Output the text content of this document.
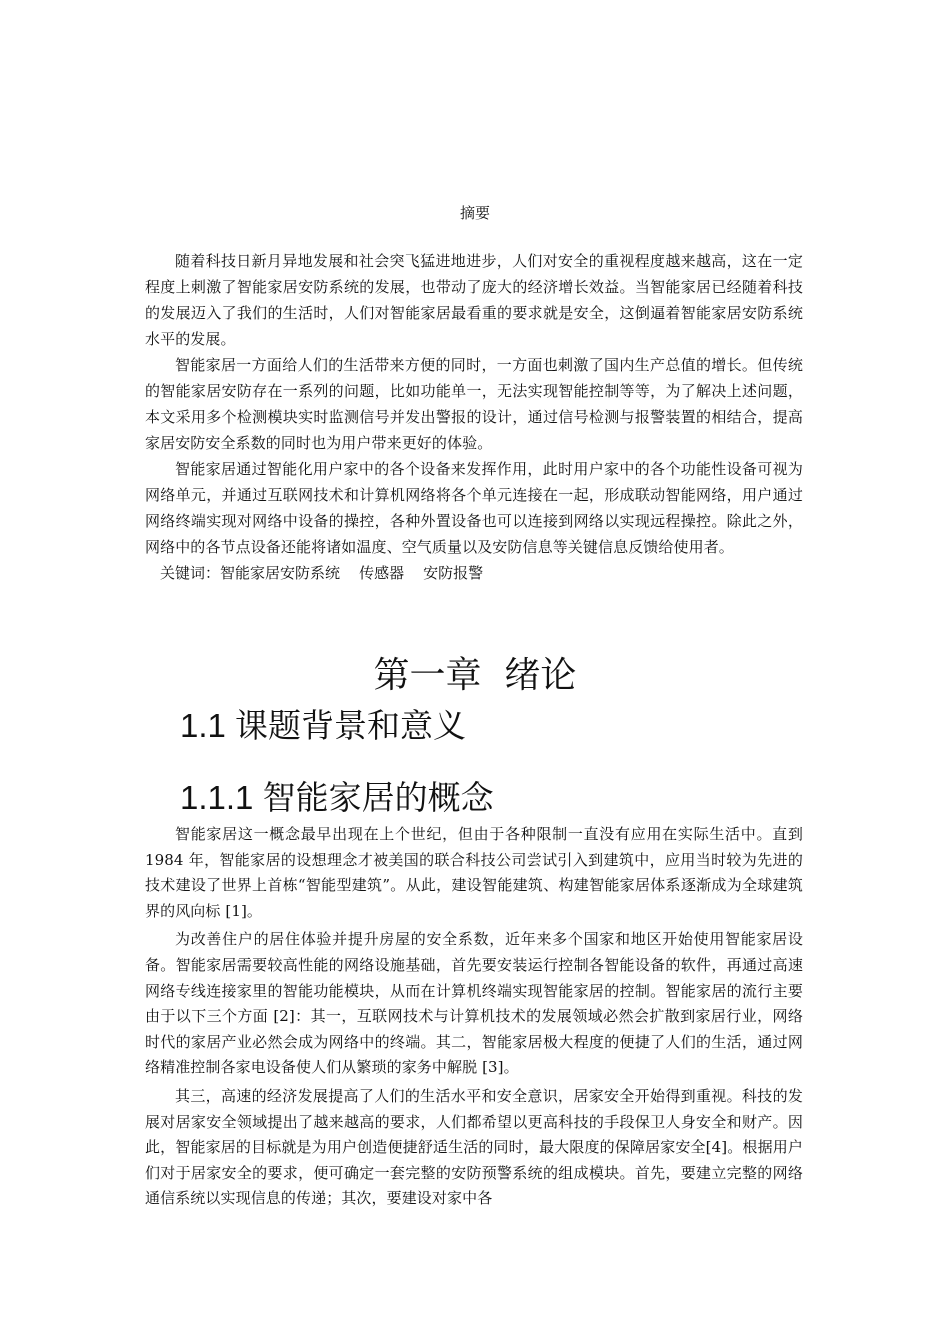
摘要

随着科技日新月异地发展和社会突飞猛进地进步，人们对安全的重视程度越来越高，这在一定程度上刺激了智能家居安防系统的发展，也带动了庞大的经济增长效益。当智能家居已经随着科技的发展迈入了我们的生活时，人们对智能家居最看重的要求就是安全，这倒逼着智能家居安防系统水平的发展。

智能家居一方面给人们的生活带来方便的同时，一方面也刺激了国内生产总值的增长。但传统的智能家居安防存在一系列的问题，比如功能单一，无法实现智能控制等等，为了解决上述问题，本文采用多个检测模块实时监测信号并发出警报的设计，通过信号检测与报警装置的相结合，提高家居安防安全系数的同时也为用户带来更好的体验。

智能家居通过智能化用户家中的各个设备来发挥作用，此时用户家中的各个功能性设备可视为网络单元，并通过互联网技术和计算机网络将各个单元连接在一起，形成联动智能网络，用户通过网络终端实现对网络中设备的操控，各种外置设备也可以连接到网络以实现远程操控。除此之外，网络中的各节点设备还能将诸如温度、空气质量以及安防信息等关键信息反馈给使用者。

关键词：智能家居安防系统    传感器    安防报警

第一章  绪论
1.1 课题背景和意义
1.1.1 智能家居的概念

智能家居这一概念最早出现在上个世纪，但由于各种限制一直没有应用在实际生活中。直到 1984 年，智能家居的设想理念才被美国的联合科技公司尝试引入到建筑中，应用当时较为先进的技术建设了世界上首栋“智能型建筑”。从此，建设智能建筑、构建智能家居体系逐渐成为全球建筑界的风向标 [1]。

为改善住户的居住体验并提升房屋的安全系数，近年来多个国家和地区开始使用智能家居设备。智能家居需要较高性能的网络设施基础，首先要安装运行控制各智能设备的软件，再通过高速网络专线连接家里的智能功能模块，从而在计算机终端实现智能家居的控制。智能家居的流行主要由于以下三个方面 [2]：其一，互联网技术与计算机技术的发展领域必然会扩散到家居行业，网络时代的家居产业必然会成为网络中的终端。其二，智能家居极大程度的便捷了人们的生活，通过网络精准控制各家电设备使人们从繁琐的家务中解脱 [3]。

其三，高速的经济发展提高了人们的生活水平和安全意识，居家安全开始得到重视。科技的发展对居家安全领域提出了越来越高的要求，人们都希望以更高科技的手段保卫人身安全和财产。因此，智能家居的目标就是为用户创造便捷舒适生活的同时，最大限度的保障居家安全[4]。根据用户们对于居家安全的要求，便可确定一套完整的安防预警系统的组成模块。首先，要建立完整的网络通信系统以实现信息的传递；其次，要建设对家中各
